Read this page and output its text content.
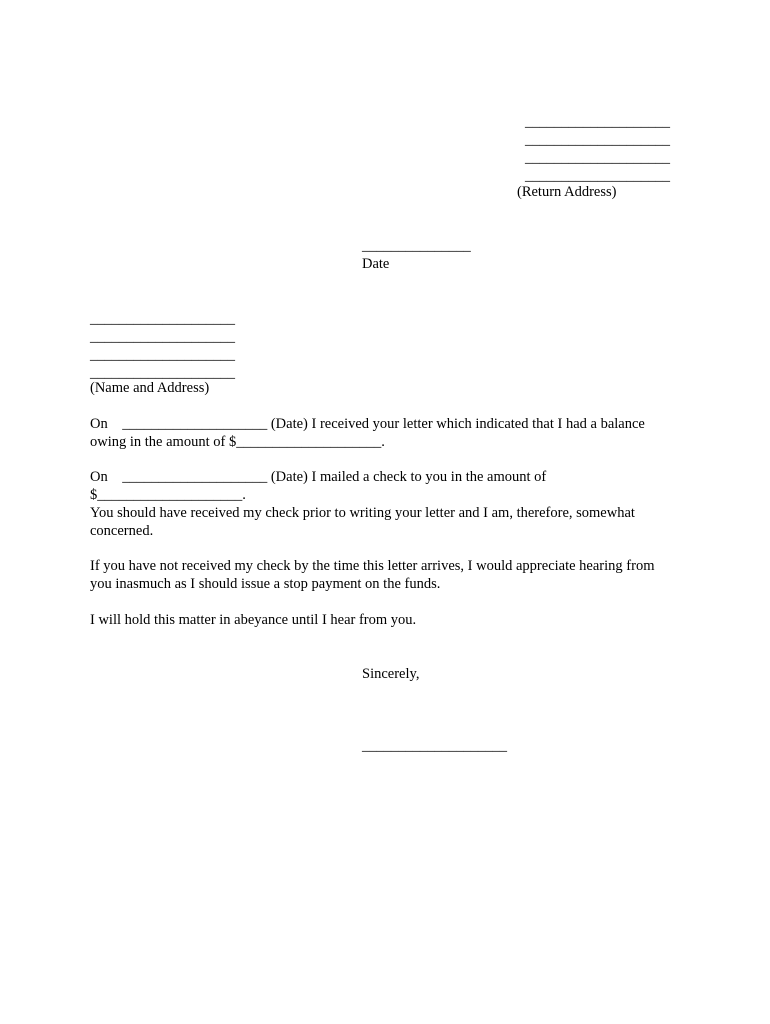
____________________
____________________
____________________
____________________
(Return Address)
_______________
Date
____________________
____________________
____________________
____________________
(Name and Address)
On    ____________________ (Date) I received your letter which indicated that I had a balance
owing in the amount of $____________________.
On    ____________________ (Date) I mailed a check to you in the amount of
$____________________.
You should have received my check prior to writing your letter and I am, therefore, somewhat
concerned.
If you have not received my check by the time this letter arrives, I would appreciate hearing from
you inasmuch as I should issue a stop payment on the funds.
I will hold this matter in abeyance until I hear from you.
Sincerely,
____________________
